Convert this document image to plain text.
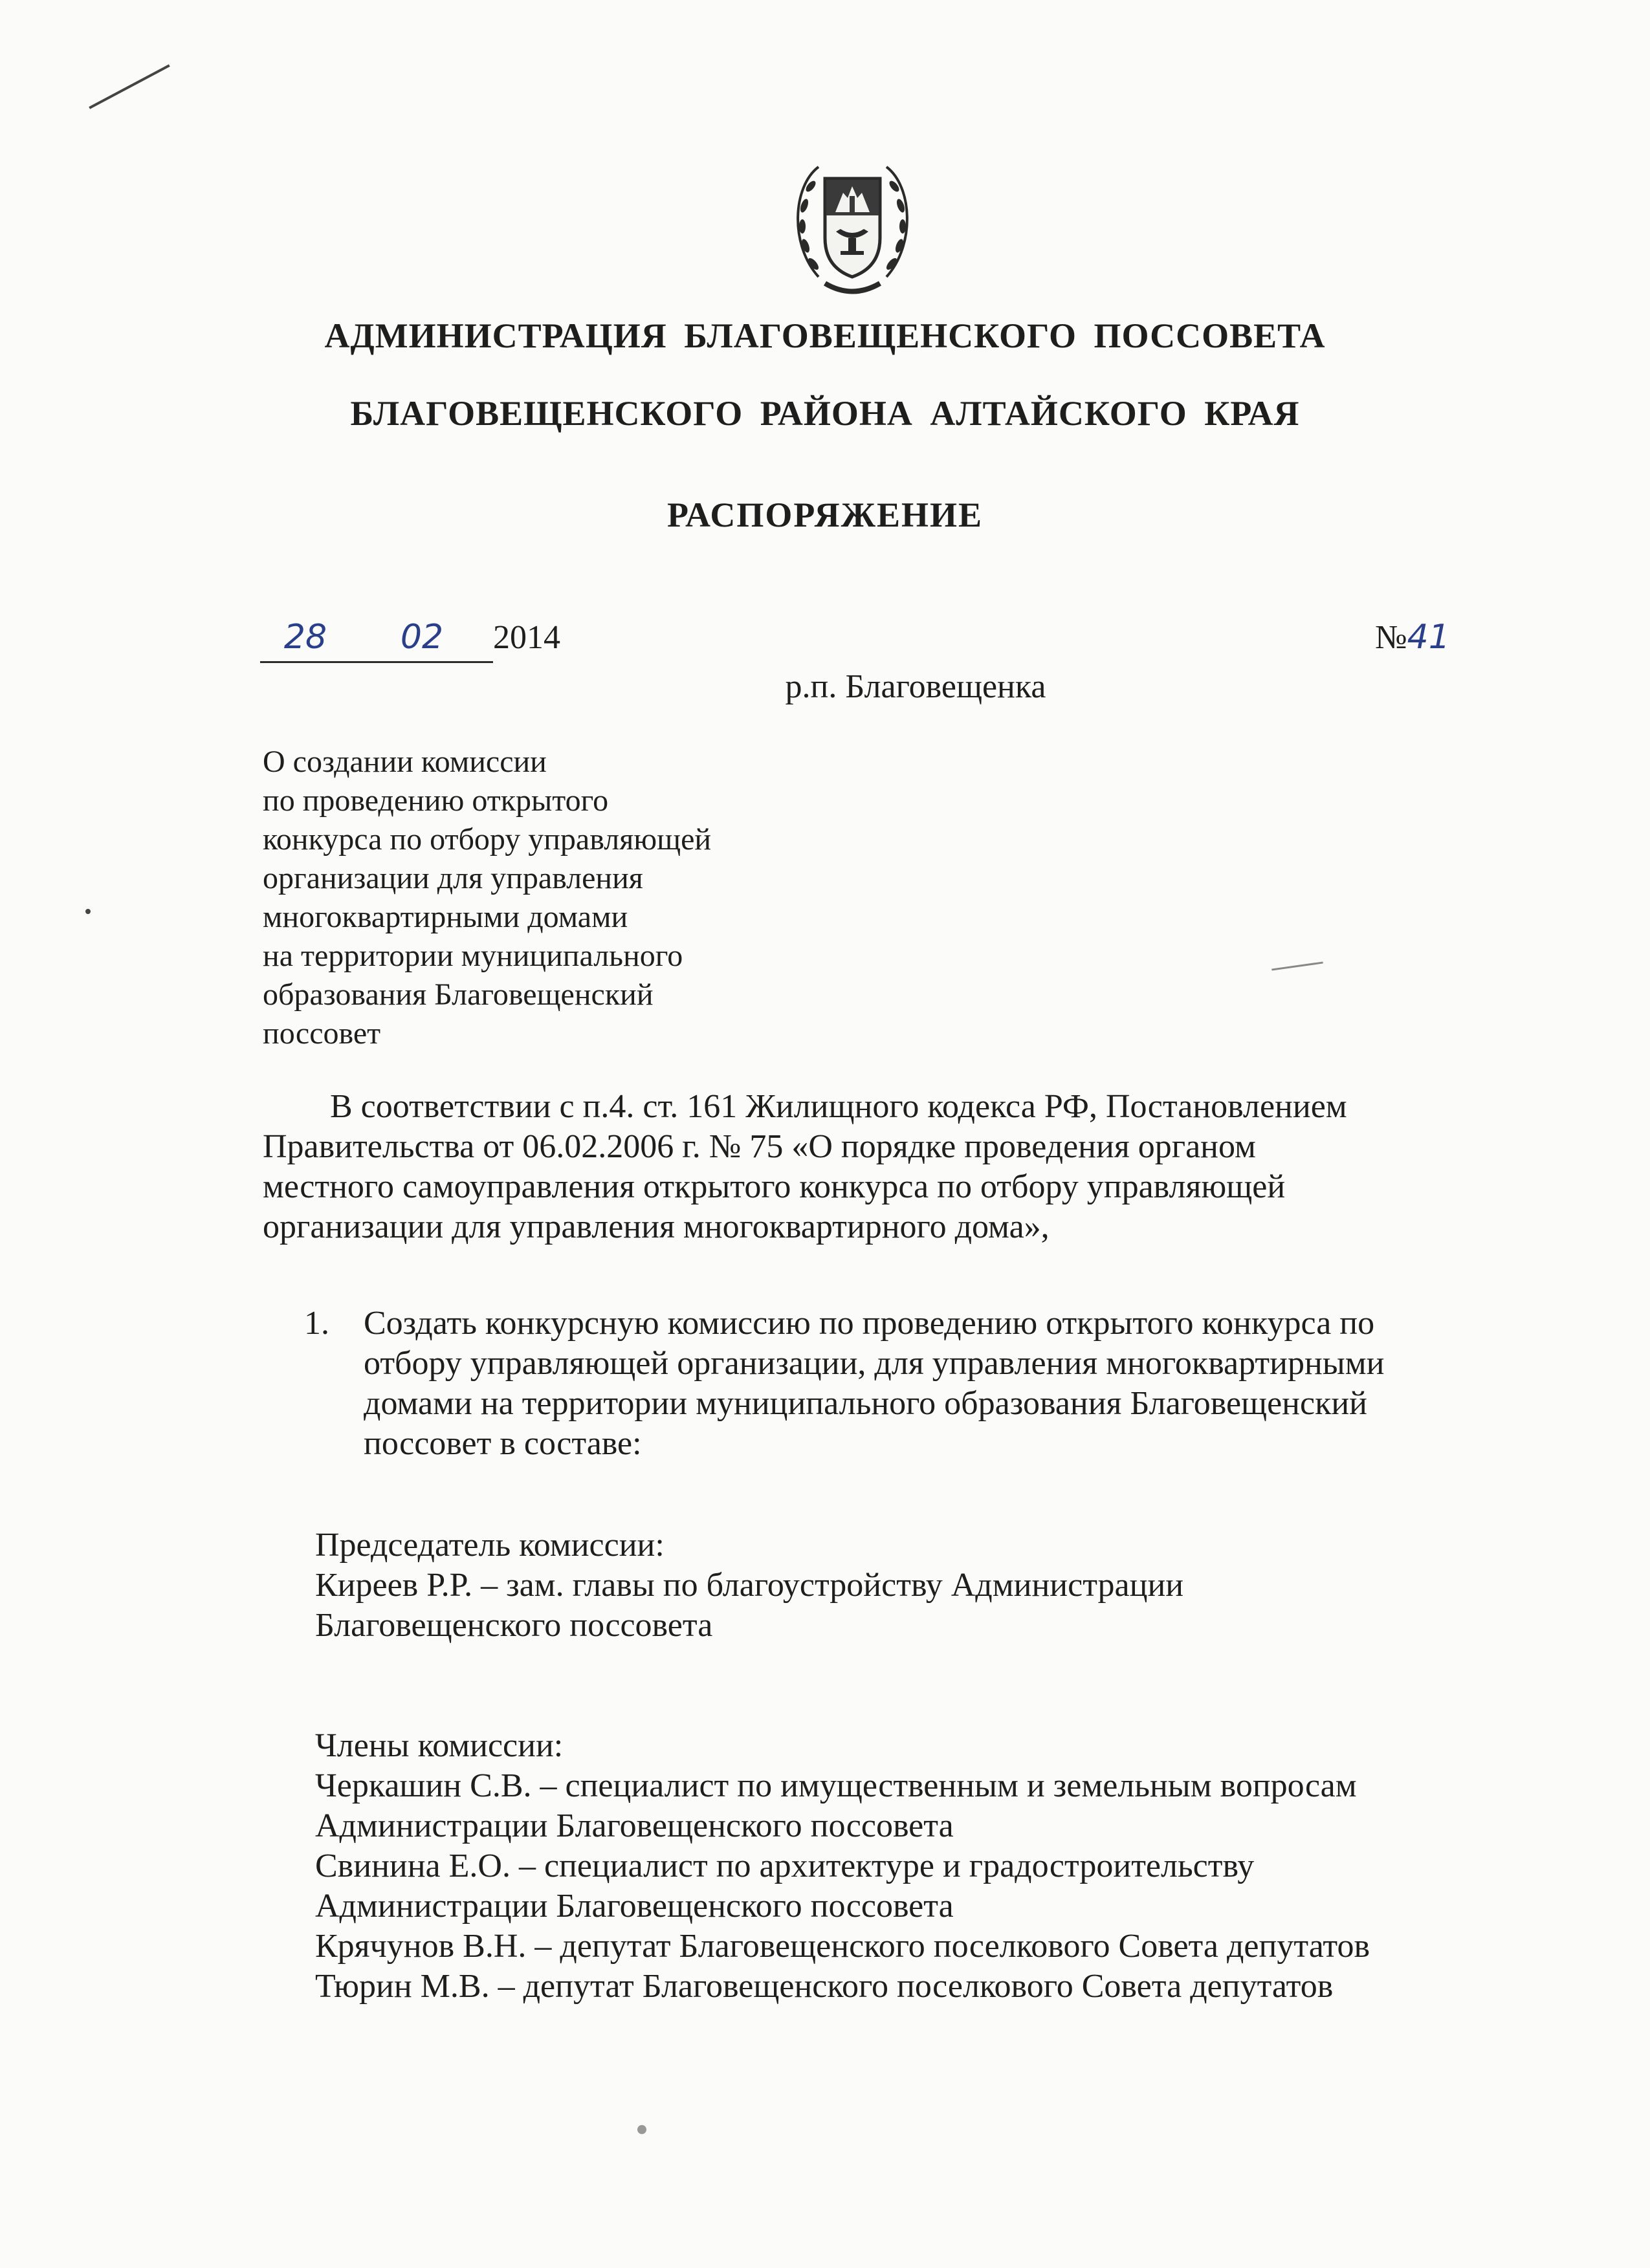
АДМИНИСТРАЦИЯ БЛАГОВЕЩЕНСКОГО ПОССОВЕТА
БЛАГОВЕЩЕНСКОГО РАЙОНА АЛТАЙСКОГО КРАЯ
РАСПОРЯЖЕНИЕ
28 02 2014	№41
р.п. Благовещенка
О создании комиссии
по проведению открытого
конкурса по отбору управляющей
организации для управления
многоквартирными домами
на территории муниципального
образования Благовещенский
поссовет
В соответствии с п.4. ст. 161 Жилищного кодекса РФ, Постановлением
Правительства от 06.02.2006 г. № 75 «О порядке проведения органом
местного самоуправления открытого конкурса по отбору управляющей
организации для управления многоквартирного дома»,
1. Создать конкурсную комиссию по проведению открытого конкурса по
отбору управляющей организации, для управления многоквартирными
домами на территории муниципального образования Благовещенский
поссовет в составе:
Председатель комиссии:
Киреев Р.Р. – зам. главы по благоустройству Администрации
Благовещенского поссовета
Члены комиссии:
Черкашин С.В. – специалист по имущественным и земельным вопросам
Администрации Благовещенского поссовета
Свинина Е.О. – специалист по архитектуре и градостроительству
Администрации Благовещенского поссовета
Крячунов В.Н. – депутат Благовещенского поселкового Совета депутатов
Тюрин М.В. – депутат Благовещенского поселкового Совета депутатов
